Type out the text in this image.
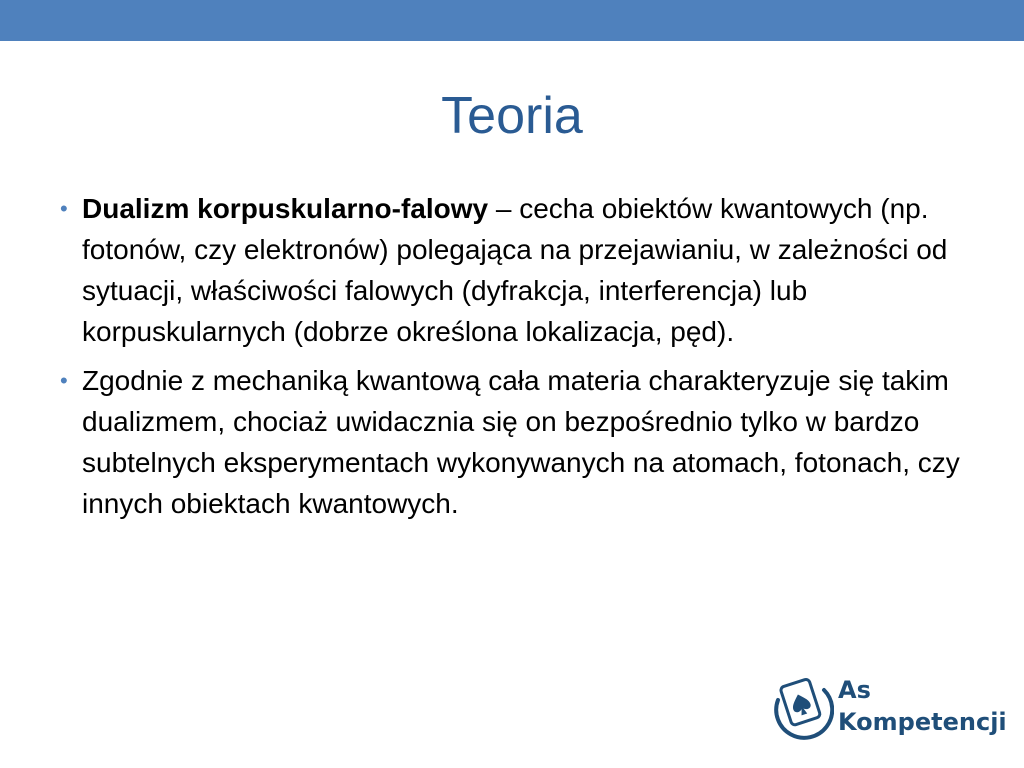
Teoria
• Dualizm korpuskularno-falowy – cecha obiektów kwantowych (np. fotonów, czy elektronów) polegająca na przejawianiu, w zależności od sytuacji, właściwości falowych (dyfrakcja, interferencja) lub korpuskularnych (dobrze określona lokalizacja, pęd).
• Zgodnie z mechaniką kwantową cała materia charakteryzuje się takim dualizmem, chociaż uwidacznia się on bezpośrednio tylko w bardzo subtelnych eksperymentach wykonywanych na atomach, fotonach, czy innych obiektach kwantowych.
As
Kompetencji
